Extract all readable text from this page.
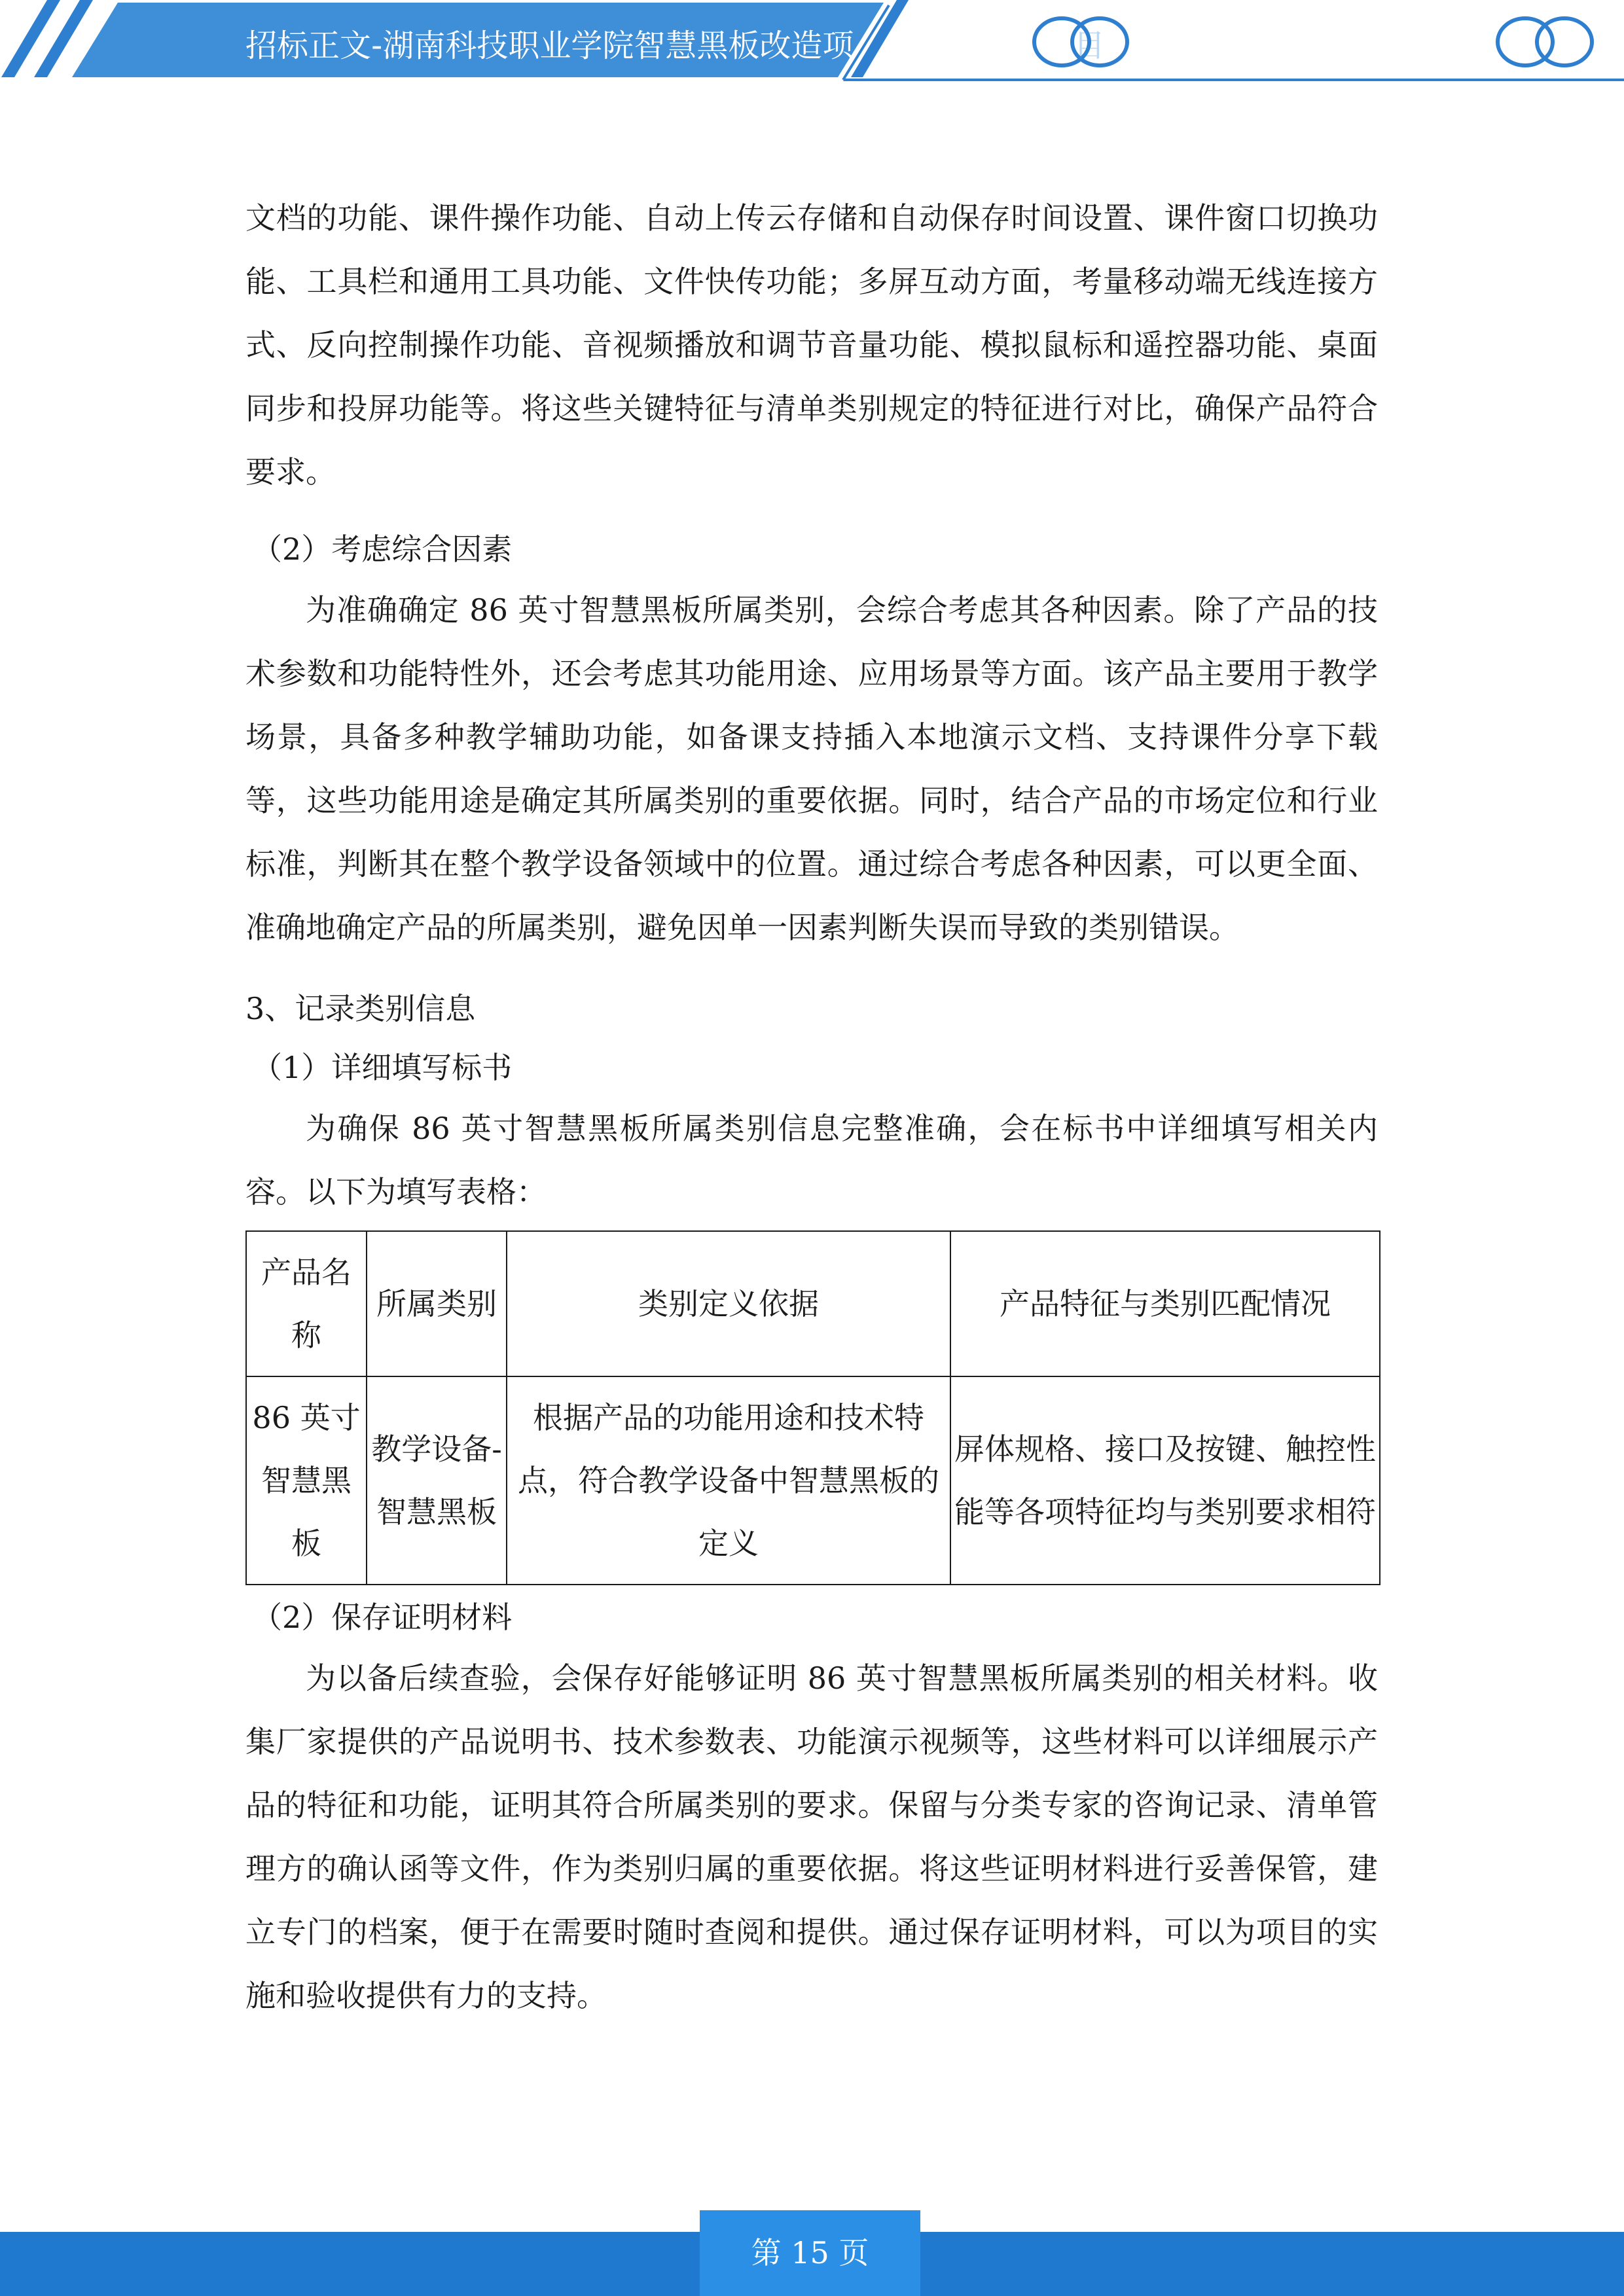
招标正文-湖南科技职业学院智慧黑板改造项	目

文档的功能、课件操作功能、自动上传云存储和自动保存时间设置、课件窗口切换功能、工具栏和通用工具功能、文件快传功能；多屏互动方面，考量移动端无线连接方式、反向控制操作功能、音视频播放和调节音量功能、模拟鼠标和遥控器功能、桌面同步和投屏功能等。将这些关键特征与清单类别规定的特征进行对比，确保产品符合要求。

（2）考虑综合因素

为准确确定 86 英寸智慧黑板所属类别，会综合考虑其各种因素。除了产品的技术参数和功能特性外，还会考虑其功能用途、应用场景等方面。该产品主要用于教学场景，具备多种教学辅助功能，如备课支持插入本地演示文档、支持课件分享下载等，这些功能用途是确定其所属类别的重要依据。同时，结合产品的市场定位和行业标准，判断其在整个教学设备领域中的位置。通过综合考虑各种因素，可以更全面、准确地确定产品的所属类别，避免因单一因素判断失误而导致的类别错误。

3、记录类别信息

（1）详细填写标书

为确保 86 英寸智慧黑板所属类别信息完整准确，会在标书中详细填写相关内容。以下为填写表格：

产品名称	所属类别	类别定义依据	产品特征与类别匹配情况
86 英寸智慧黑板	教学设备-智慧黑板	根据产品的功能用途和技术特点，符合教学设备中智慧黑板的定义	屏体规格、接口及按键、触控性能等各项特征均与类别要求相符

（2）保存证明材料

为以备后续查验，会保存好能够证明 86 英寸智慧黑板所属类别的相关材料。收集厂家提供的产品说明书、技术参数表、功能演示视频等，这些材料可以详细展示产品的特征和功能，证明其符合所属类别的要求。保留与分类专家的咨询记录、清单管理方的确认函等文件，作为类别归属的重要依据。将这些证明材料进行妥善保管，建立专门的档案，便于在需要时随时查阅和提供。通过保存证明材料，可以为项目的实施和验收提供有力的支持。

第 15 页
